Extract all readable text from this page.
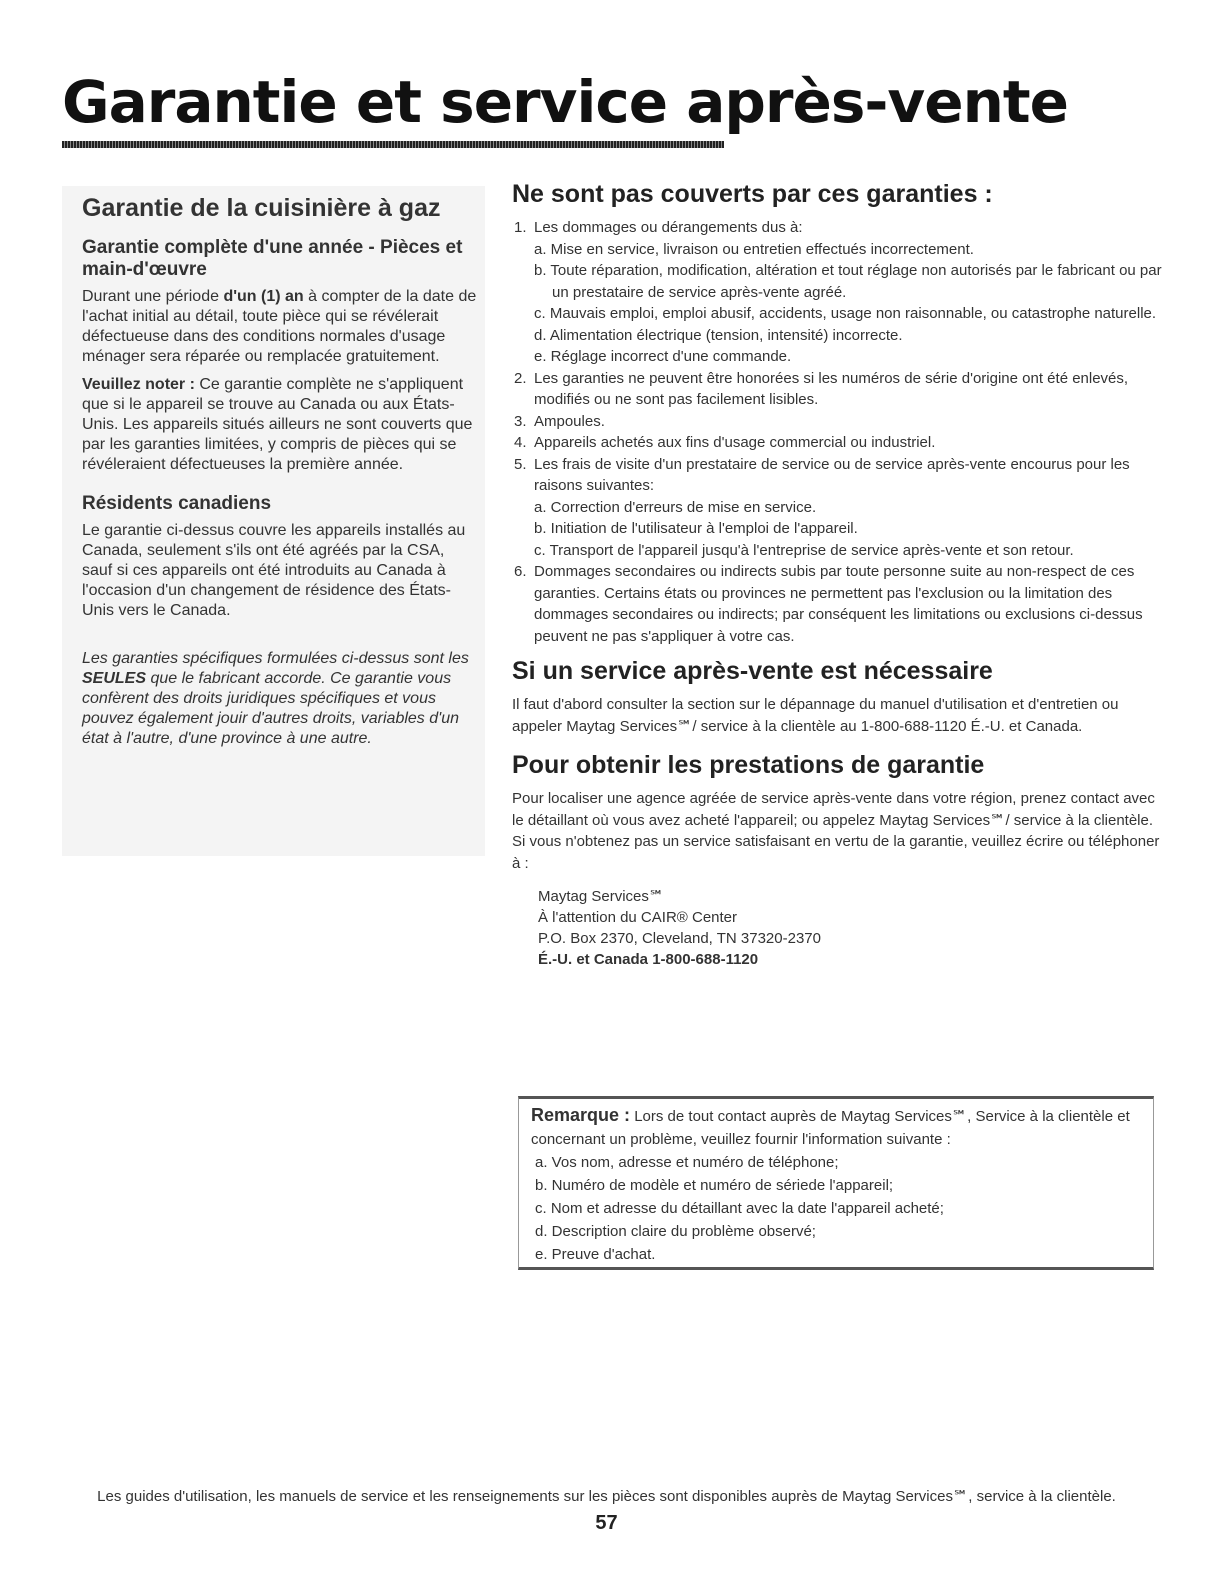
Garantie et service après-vente
Garantie de la cuisinière à gaz
Garantie complète d'une année - Pièces et main-d'œuvre

Durant une période d'un (1) an à compter de la date de l'achat initial au détail, toute pièce qui se révélerait défectueuse dans des conditions normales d'usage ménager sera réparée ou remplacée gratuitement.

Veuillez noter : Ce garantie complète ne s'appliquent que si le appareil se trouve au Canada ou aux États-Unis. Les appareils situés ailleurs ne sont couverts que par les garanties limitées, y compris de pièces qui se révéleraient défectueuses la première année.

Résidents canadiens

Le garantie ci-dessus couvre les appareils installés au Canada, seulement s'ils ont été agréés par la CSA, sauf si ces appareils ont été introduits au Canada à l'occasion d'un changement de résidence des États-Unis vers le Canada.

Les garanties spécifiques formulées ci-dessus sont les SEULES que le fabricant accorde. Ce garantie vous confèrent des droits juridiques spécifiques et vous pouvez également jouir d'autres droits, variables d'un état à l'autre, d'une province à une autre.

Ne sont pas couverts par ces garanties :
1. Les dommages ou dérangements dus à:
a. Mise en service, livraison ou entretien effectués incorrectement.
b. Toute réparation, modification, altération et tout réglage non autorisés par le fabricant ou par un prestataire de service après-vente agréé.
c. Mauvais emploi, emploi abusif, accidents, usage non raisonnable, ou catastrophe naturelle.
d. Alimentation électrique (tension, intensité) incorrecte.
e. Réglage incorrect d'une commande.
2. Les garanties ne peuvent être honorées si les numéros de série d'origine ont été enlevés, modifiés ou ne sont pas facilement lisibles.
3. Ampoules.
4. Appareils achetés aux fins d'usage commercial ou industriel.
5. Les frais de visite d'un prestataire de service ou de service après-vente encourus pour les raisons suivantes:
a. Correction d'erreurs de mise en service.
b. Initiation de l'utilisateur à l'emploi de l'appareil.
c. Transport de l'appareil jusqu'à l'entreprise de service après-vente et son retour.
6. Dommages secondaires ou indirects subis par toute personne suite au non-respect de ces garanties. Certains états ou provinces ne permettent pas l'exclusion ou la limitation des dommages secondaires ou indirects; par conséquent les limitations ou exclusions ci-dessus peuvent ne pas s'appliquer à votre cas.
Si un service après-vente est nécessaire
Il faut d'abord consulter la section sur le dépannage du manuel d'utilisation et d'entretien ou appeler Maytag Services℠/ service à la clientèle au 1-800-688-1120 É.-U. et Canada.
Pour obtenir les prestations de garantie
Pour localiser une agence agréée de service après-vente dans votre région, prenez contact avec le détaillant où vous avez acheté l'appareil; ou appelez Maytag Services℠/ service à la clientèle. Si vous n'obtenez pas un service satisfaisant en vertu de la garantie, veuillez écrire ou téléphoner à :
Maytag Services℠
À l'attention du CAIR® Center
P.O. Box 2370, Cleveland, TN 37320-2370
É.-U. et Canada 1-800-688-1120
Remarque : Lors de tout contact auprès de Maytag Services℠, Service à la clientèle et concernant un problème, veuillez fournir l'information suivante :
a. Vos nom, adresse et numéro de téléphone;
b. Numéro de modèle et numéro de sériede l'appareil;
c. Nom et adresse du détaillant avec la date l'appareil acheté;
d. Description claire du problème observé;
e. Preuve d'achat.
Les guides d'utilisation, les manuels de service et les renseignements sur les pièces sont disponibles auprès de Maytag Services℠, service à la clientèle.
57
